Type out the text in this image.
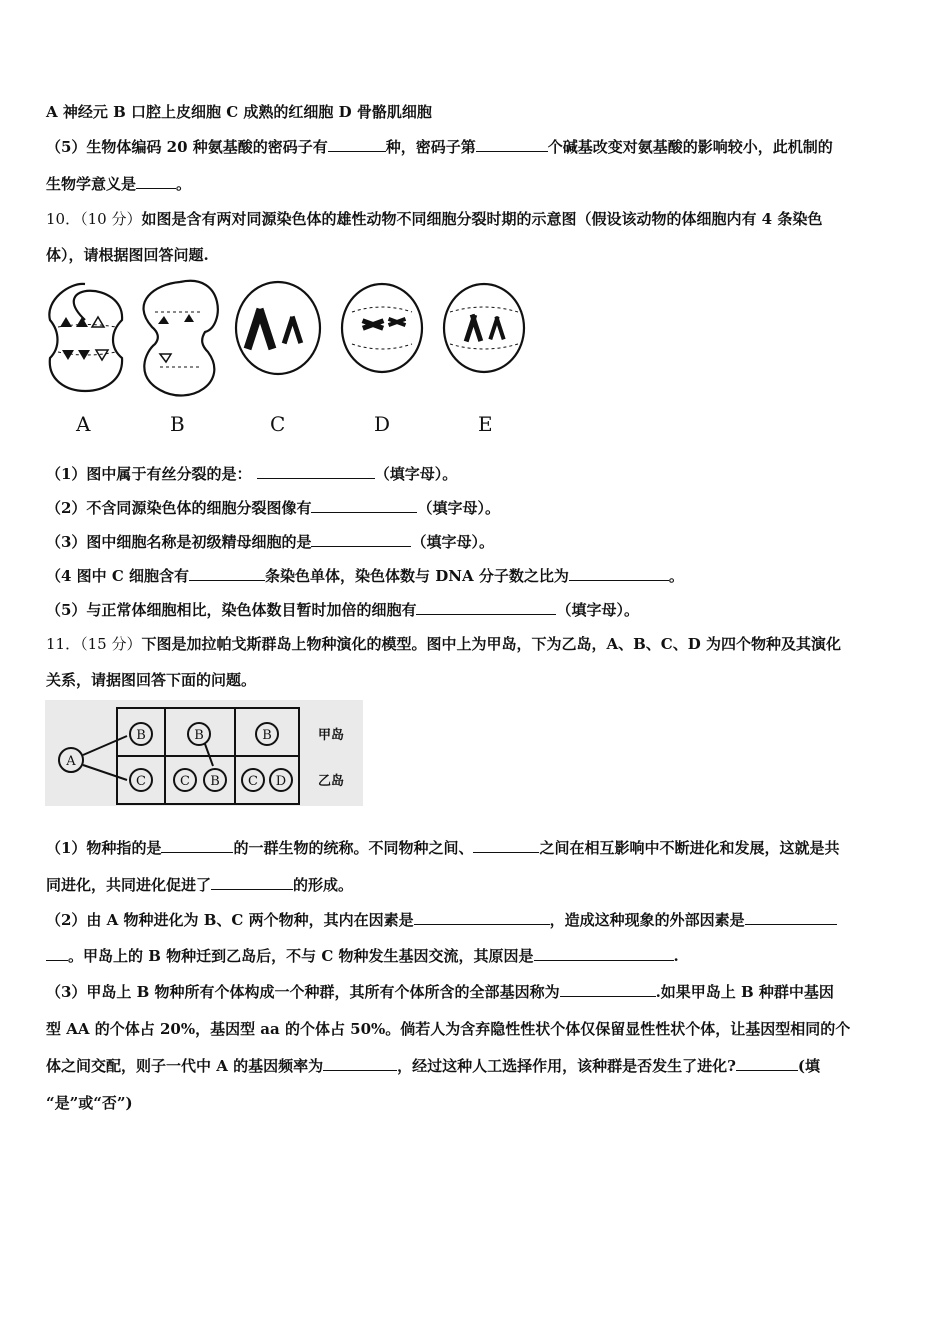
A 神经元 B 口腔上皮细胞 C 成熟的红细胞 D 骨骼肌细胞
（5）生物体编码 20 种氨基酸的密码子有	种，密码子第	个碱基改变对氨基酸的影响较小，此机制的
生物学意义是	。
10．（10 分）如图是含有两对同源染色体的雄性动物不同细胞分裂时期的示意图（假设该动物的体细胞内有 4 条染色
体），请根据图回答问题.
A	B	C	D	E
（1）图中属于有丝分裂的是：	（填字母）。
（2）不含同源染色体的细胞分裂图像有	（填字母）。
（3）图中细胞名称是初级精母细胞的是	（填字母）。
（4 图中 C 细胞含有	条染色单体，染色体数与 DNA 分子数之比为	。
（5）与正常体细胞相比，染色体数目暂时加倍的细胞有	（填字母）。
11．（15 分）下图是加拉帕戈斯群岛上物种演化的模型。图中上为甲岛，下为乙岛，A、B、C、D 为四个物种及其演化
关系，请据图回答下面的问题。
A
B	B	B
C	C B C D
甲岛
乙岛
（1）物种指的是	的一群生物的统称。不同物种之间、	之间在相互影响中不断进化和发展，这就是共
同进化，共同进化促进了	的形成。
（2）由 A 物种进化为 B、C 两个物种，其内在因素是	，造成这种现象的外部因素是
。甲岛上的 B 物种迁到乙岛后，不与 C 物种发生基因交流，其原因是	.
（3）甲岛上 B 物种所有个体构成一个种群，其所有个体所含的全部基因称为	.如果甲岛上 B 种群中基因
型 AA 的个体占 20%，基因型 aa 的个体占 50%。倘若人为含弃隐性性状个体仅保留显性性状个体，让基因型相同的个
体之间交配，则子一代中 A 的基因频率为	，经过这种人工选择作用，该种群是否发生了进化?	(填
“是”或“否”)
